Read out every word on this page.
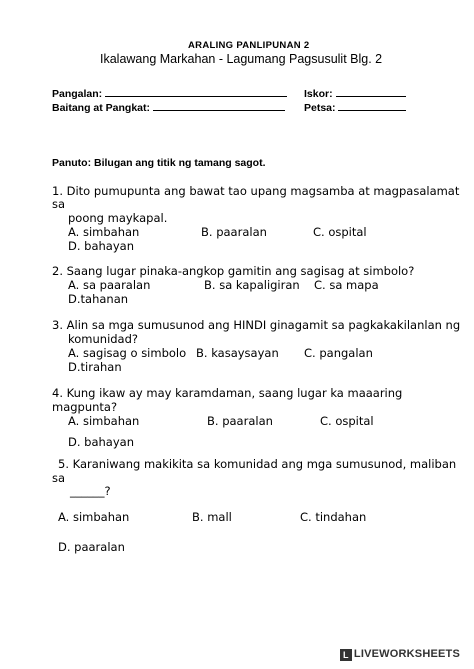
ARALING PANLIPUNAN 2
Ikalawang Markahan - Lagumang Pagsusulit Blg. 2
Pangalan:	Iskor:
Baitang at Pangkat:	Petsa:
Panuto: Bilugan ang titik ng tamang sagot.
1. Dito pumupunta ang bawat tao upang magsamba at magpasalamat
sa
poong maykapal.
A. simbahan	B. paaralan	C. ospital
D. bahayan
2. Saang lugar pinaka-angkop gamitin ang sagisag at simbolo?
A. sa paaralan	B. sa kapaligiran C. sa mapa
D.tahanan
3. Alin sa mga sumusunod ang HINDI ginagamit sa pagkakakilanlan ng
komunidad?
A. sagisag o simbolo B. kasaysayan C. pangalan
D.tirahan
4. Kung ikaw ay may karamdaman, saang lugar ka maaaring
magpunta?
A. simbahan	B. paaralan	C. ospital
D. bahayan
5. Karaniwang makikita sa komunidad ang mga sumusunod, maliban
sa
______?
A. simbahan	B. mall	C. tindahan
D. paaralan
L LIVEWORKSHEETS
